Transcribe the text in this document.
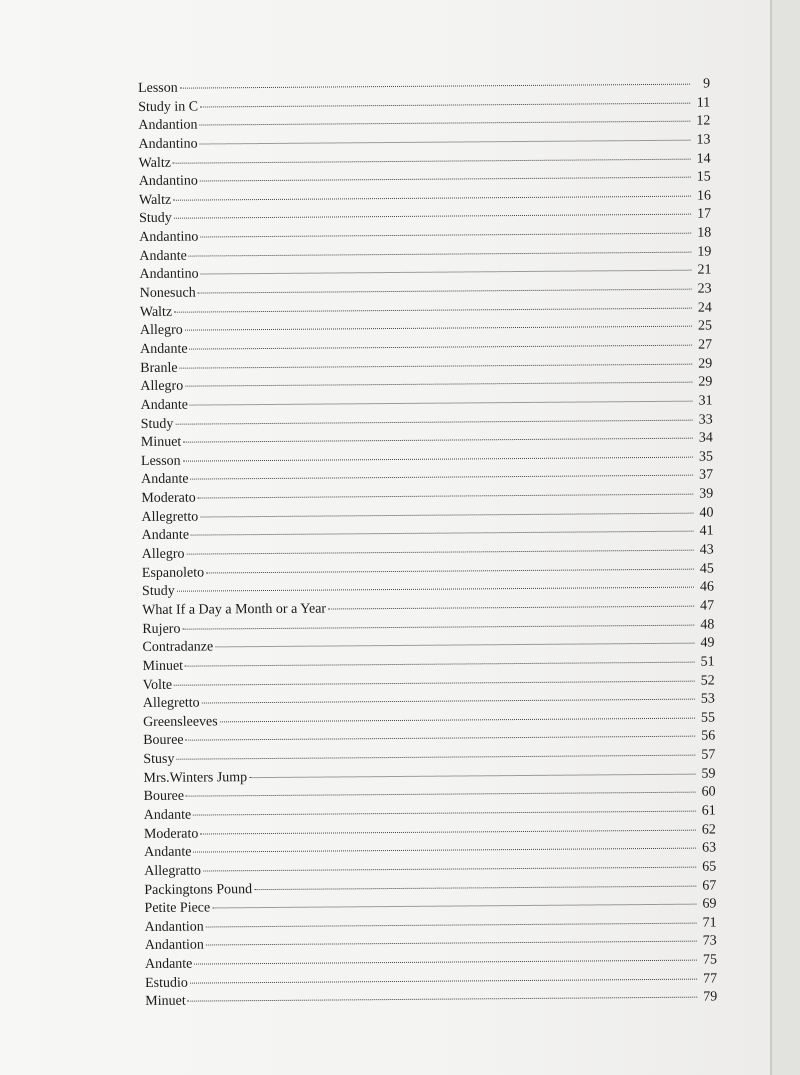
Lesson	9
Study in C	11
Andantion	12
Andantino	13
Waltz	14
Andantino	15
Waltz	16
Study	17
Andantino	18
Andante	19
Andantino	21
Nonesuch	23
Waltz	24
Allegro	25
Andante	27
Branle	29
Allegro	29
Andante	31
Study	33
Minuet	34
Lesson	35
Andante	37
Moderato	39
Allegretto	40
Andante	41
Allegro	43
Espanoleto	45
Study	46
What If a Day a Month or a Year	47
Rujero	48
Contradanze	49
Minuet	51
Volte	52
Allegretto	53
Greensleeves	55
Bouree	56
Stusy	57
Mrs.Winters Jump	59
Bouree	60
Andante	61
Moderato	62
Andante	63
Allegratto	65
Packingtons Pound	67
Petite Piece	69
Andantion	71
Andantion	73
Andante	75
Estudio	77
Minuet	79
